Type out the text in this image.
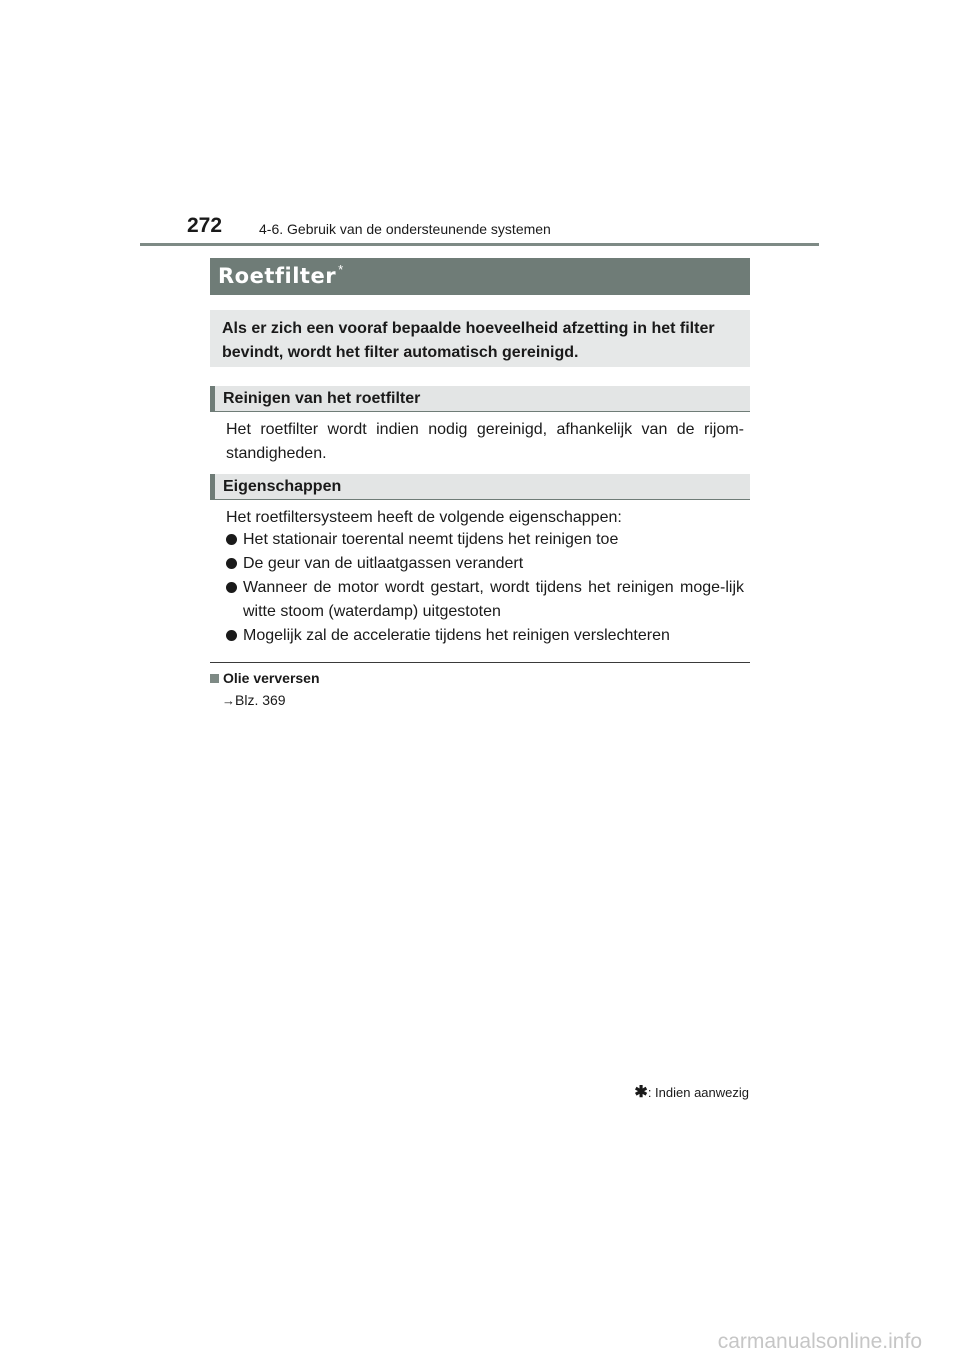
272	4-6. Gebruik van de ondersteunende systemen
Roetfilter *
Als er zich een vooraf bepaalde hoeveelheid afzetting in het filter bevindt, wordt het filter automatisch gereinigd.
Reinigen van het roetfilter
Het roetfilter wordt indien nodig gereinigd, afhankelijk van de rijom-standigheden.
Eigenschappen
Het roetfiltersysteem heeft de volgende eigenschappen:
Het stationair toerental neemt tijdens het reinigen toe
De geur van de uitlaatgassen verandert
Wanneer de motor wordt gestart, wordt tijdens het reinigen moge-lijk witte stoom (waterdamp) uitgestoten
Mogelijk zal de acceleratie tijdens het reinigen verslechteren
Olie verversen
→Blz. 369
✱: Indien aanwezig
carmanualsonline.info
